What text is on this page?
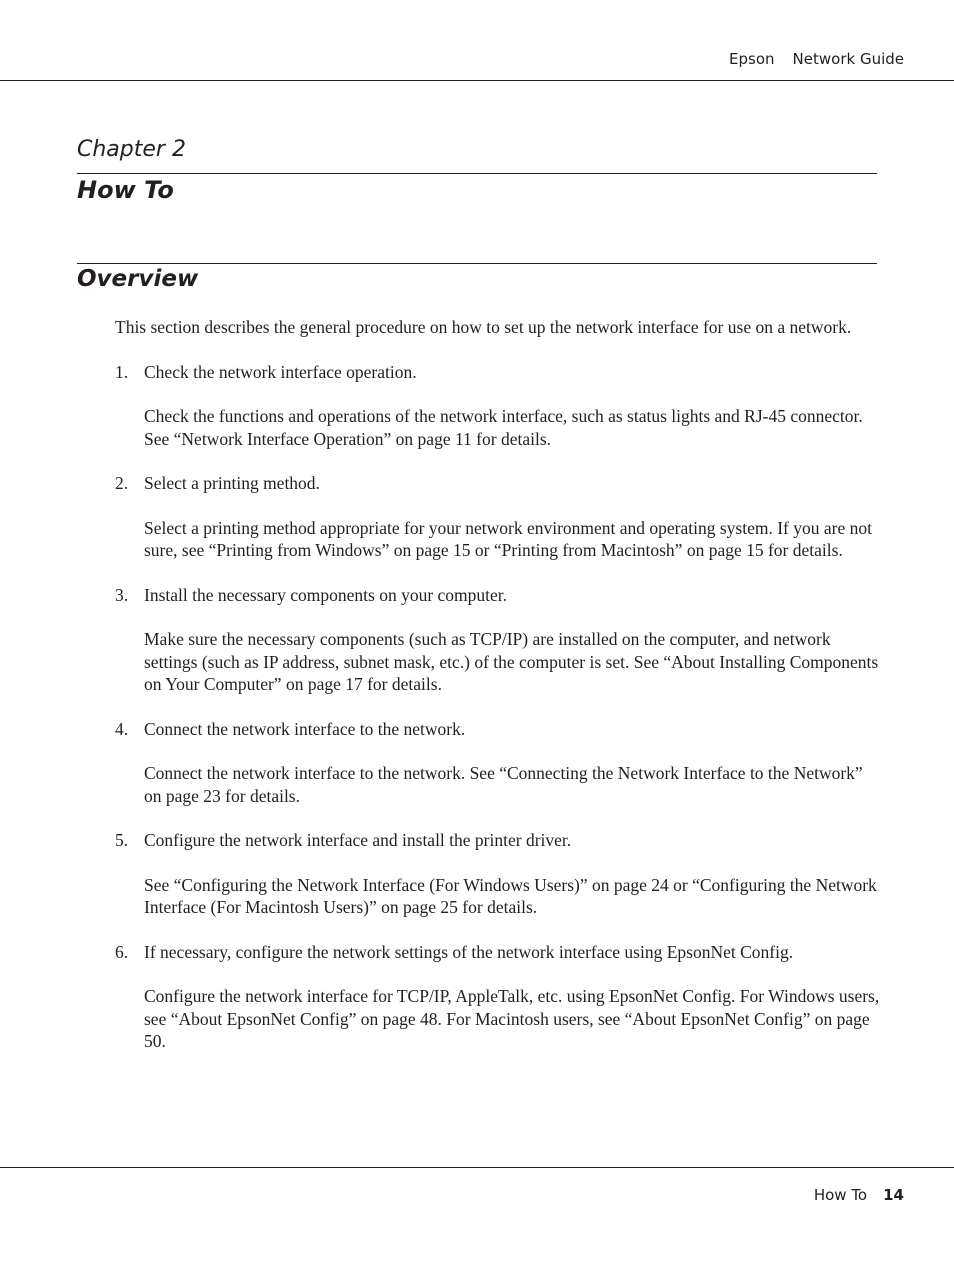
Epson Network Guide
Chapter 2
How To
Overview

This section describes the general procedure on how to set up the network interface for use on a network.

1. Check the network interface operation.

Check the functions and operations of the network interface, such as status lights and RJ-45 connector. See “Network Interface Operation” on page 11 for details.

2. Select a printing method.

Select a printing method appropriate for your network environment and operating system. If you are not sure, see “Printing from Windows” on page 15 or “Printing from Macintosh” on page 15 for details.

3. Install the necessary components on your computer.

Make sure the necessary components (such as TCP/IP) are installed on the computer, and network settings (such as IP address, subnet mask, etc.) of the computer is set. See “About Installing Components on Your Computer” on page 17 for details.

4. Connect the network interface to the network.

Connect the network interface to the network. See “Connecting the Network Interface to the Network” on page 23 for details.

5. Configure the network interface and install the printer driver.

See “Configuring the Network Interface (For Windows Users)” on page 24 or “Configuring the Network Interface (For Macintosh Users)” on page 25 for details.

6. If necessary, configure the network settings of the network interface using EpsonNet Config.

Configure the network interface for TCP/IP, AppleTalk, etc. using EpsonNet Config. For Windows users, see “About EpsonNet Config” on page 48. For Macintosh users, see “About EpsonNet Config” on page 50.

How To 14
